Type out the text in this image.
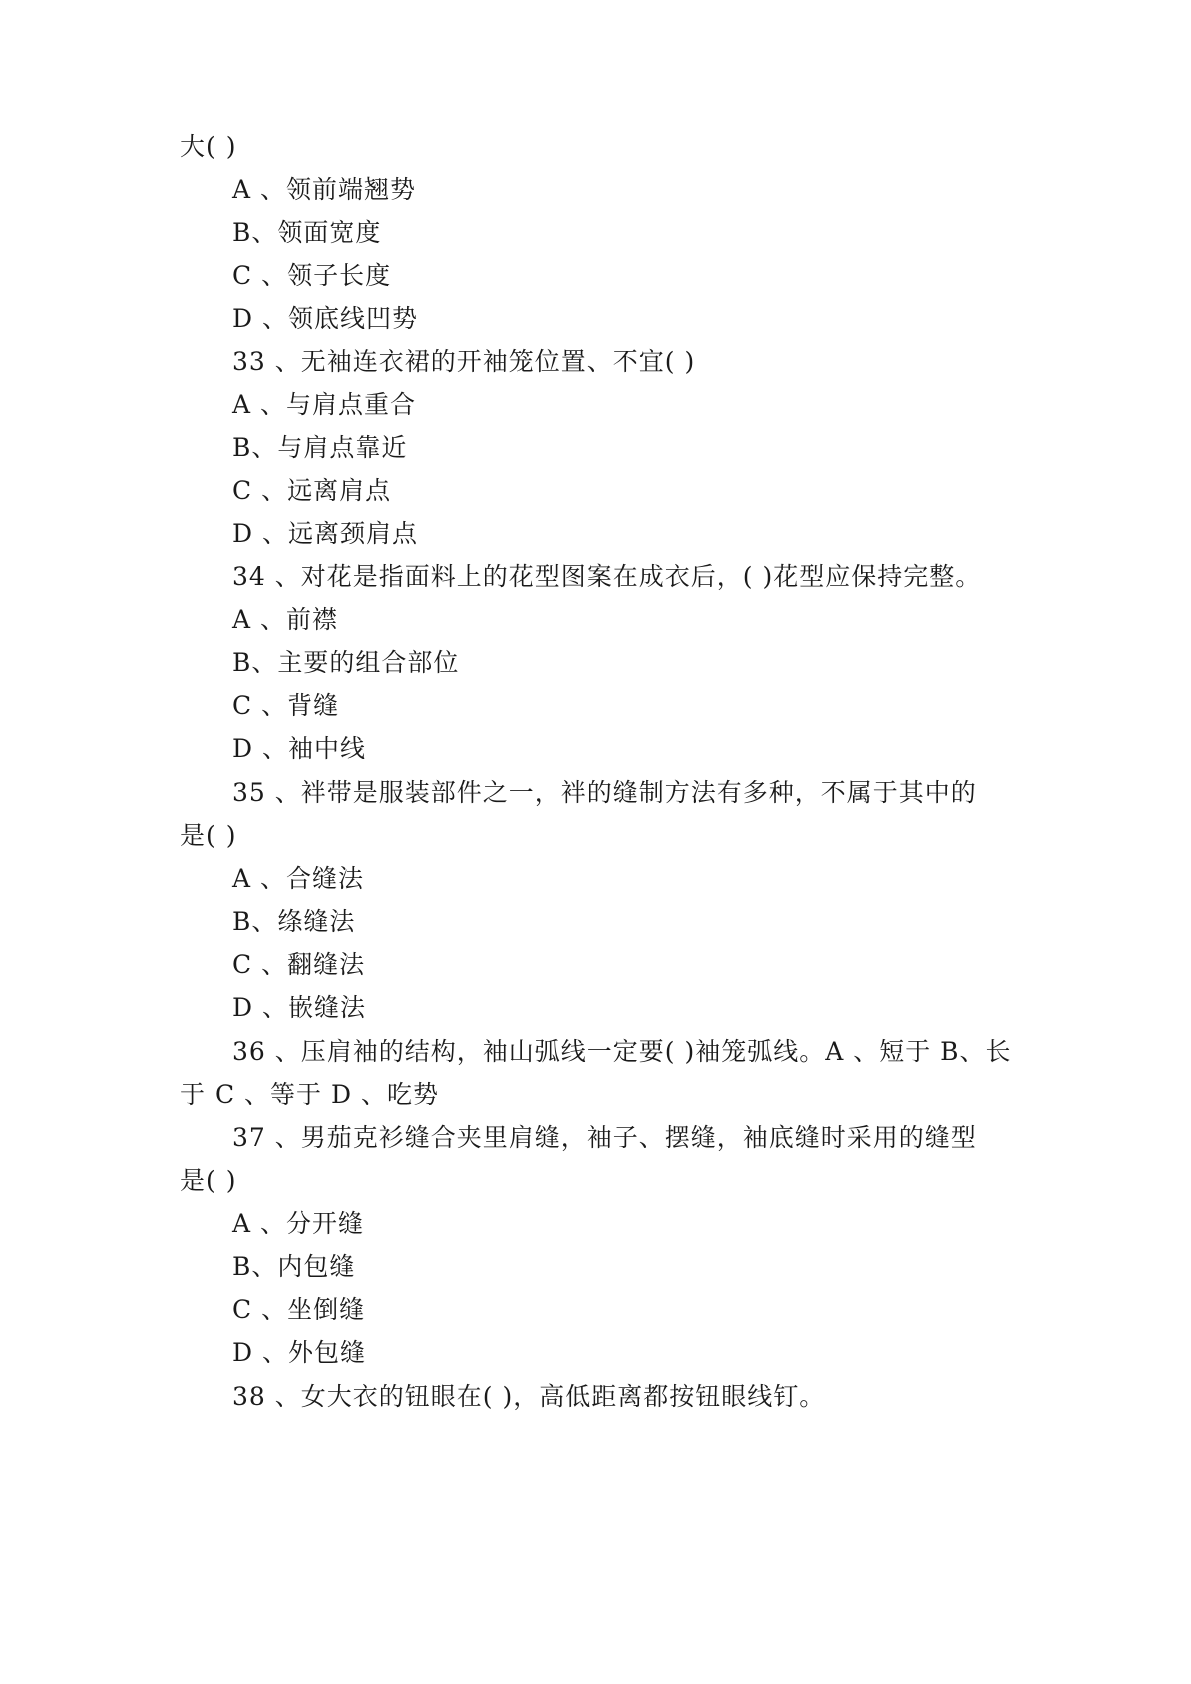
大( )
A 、领前端翘势
B、领面宽度
C 、领子长度
D 、领底线凹势
33 、无袖连衣裙的开袖笼位置、不宜( )
A 、与肩点重合
B、与肩点靠近
C 、远离肩点
D 、远离颈肩点
34 、对花是指面料上的花型图案在成衣后，( )花型应保持完整。
A 、前襟
B、主要的组合部位
C 、背缝
D 、袖中线
35 、袢带是服装部件之一，袢的缝制方法有多种，不属于其中的
是( )
A 、合缝法
B、绦缝法
C 、翻缝法
D 、嵌缝法
36 、压肩袖的结构，袖山弧线一定要( )袖笼弧线。A 、短于 B、长
于 C 、等于 D 、吃势
37 、男茄克衫缝合夹里肩缝，袖子、摆缝，袖底缝时采用的缝型
是( )
A 、分开缝
B、内包缝
C 、坐倒缝
D 、外包缝
38 、女大衣的钮眼在( )，高低距离都按钮眼线钉。
